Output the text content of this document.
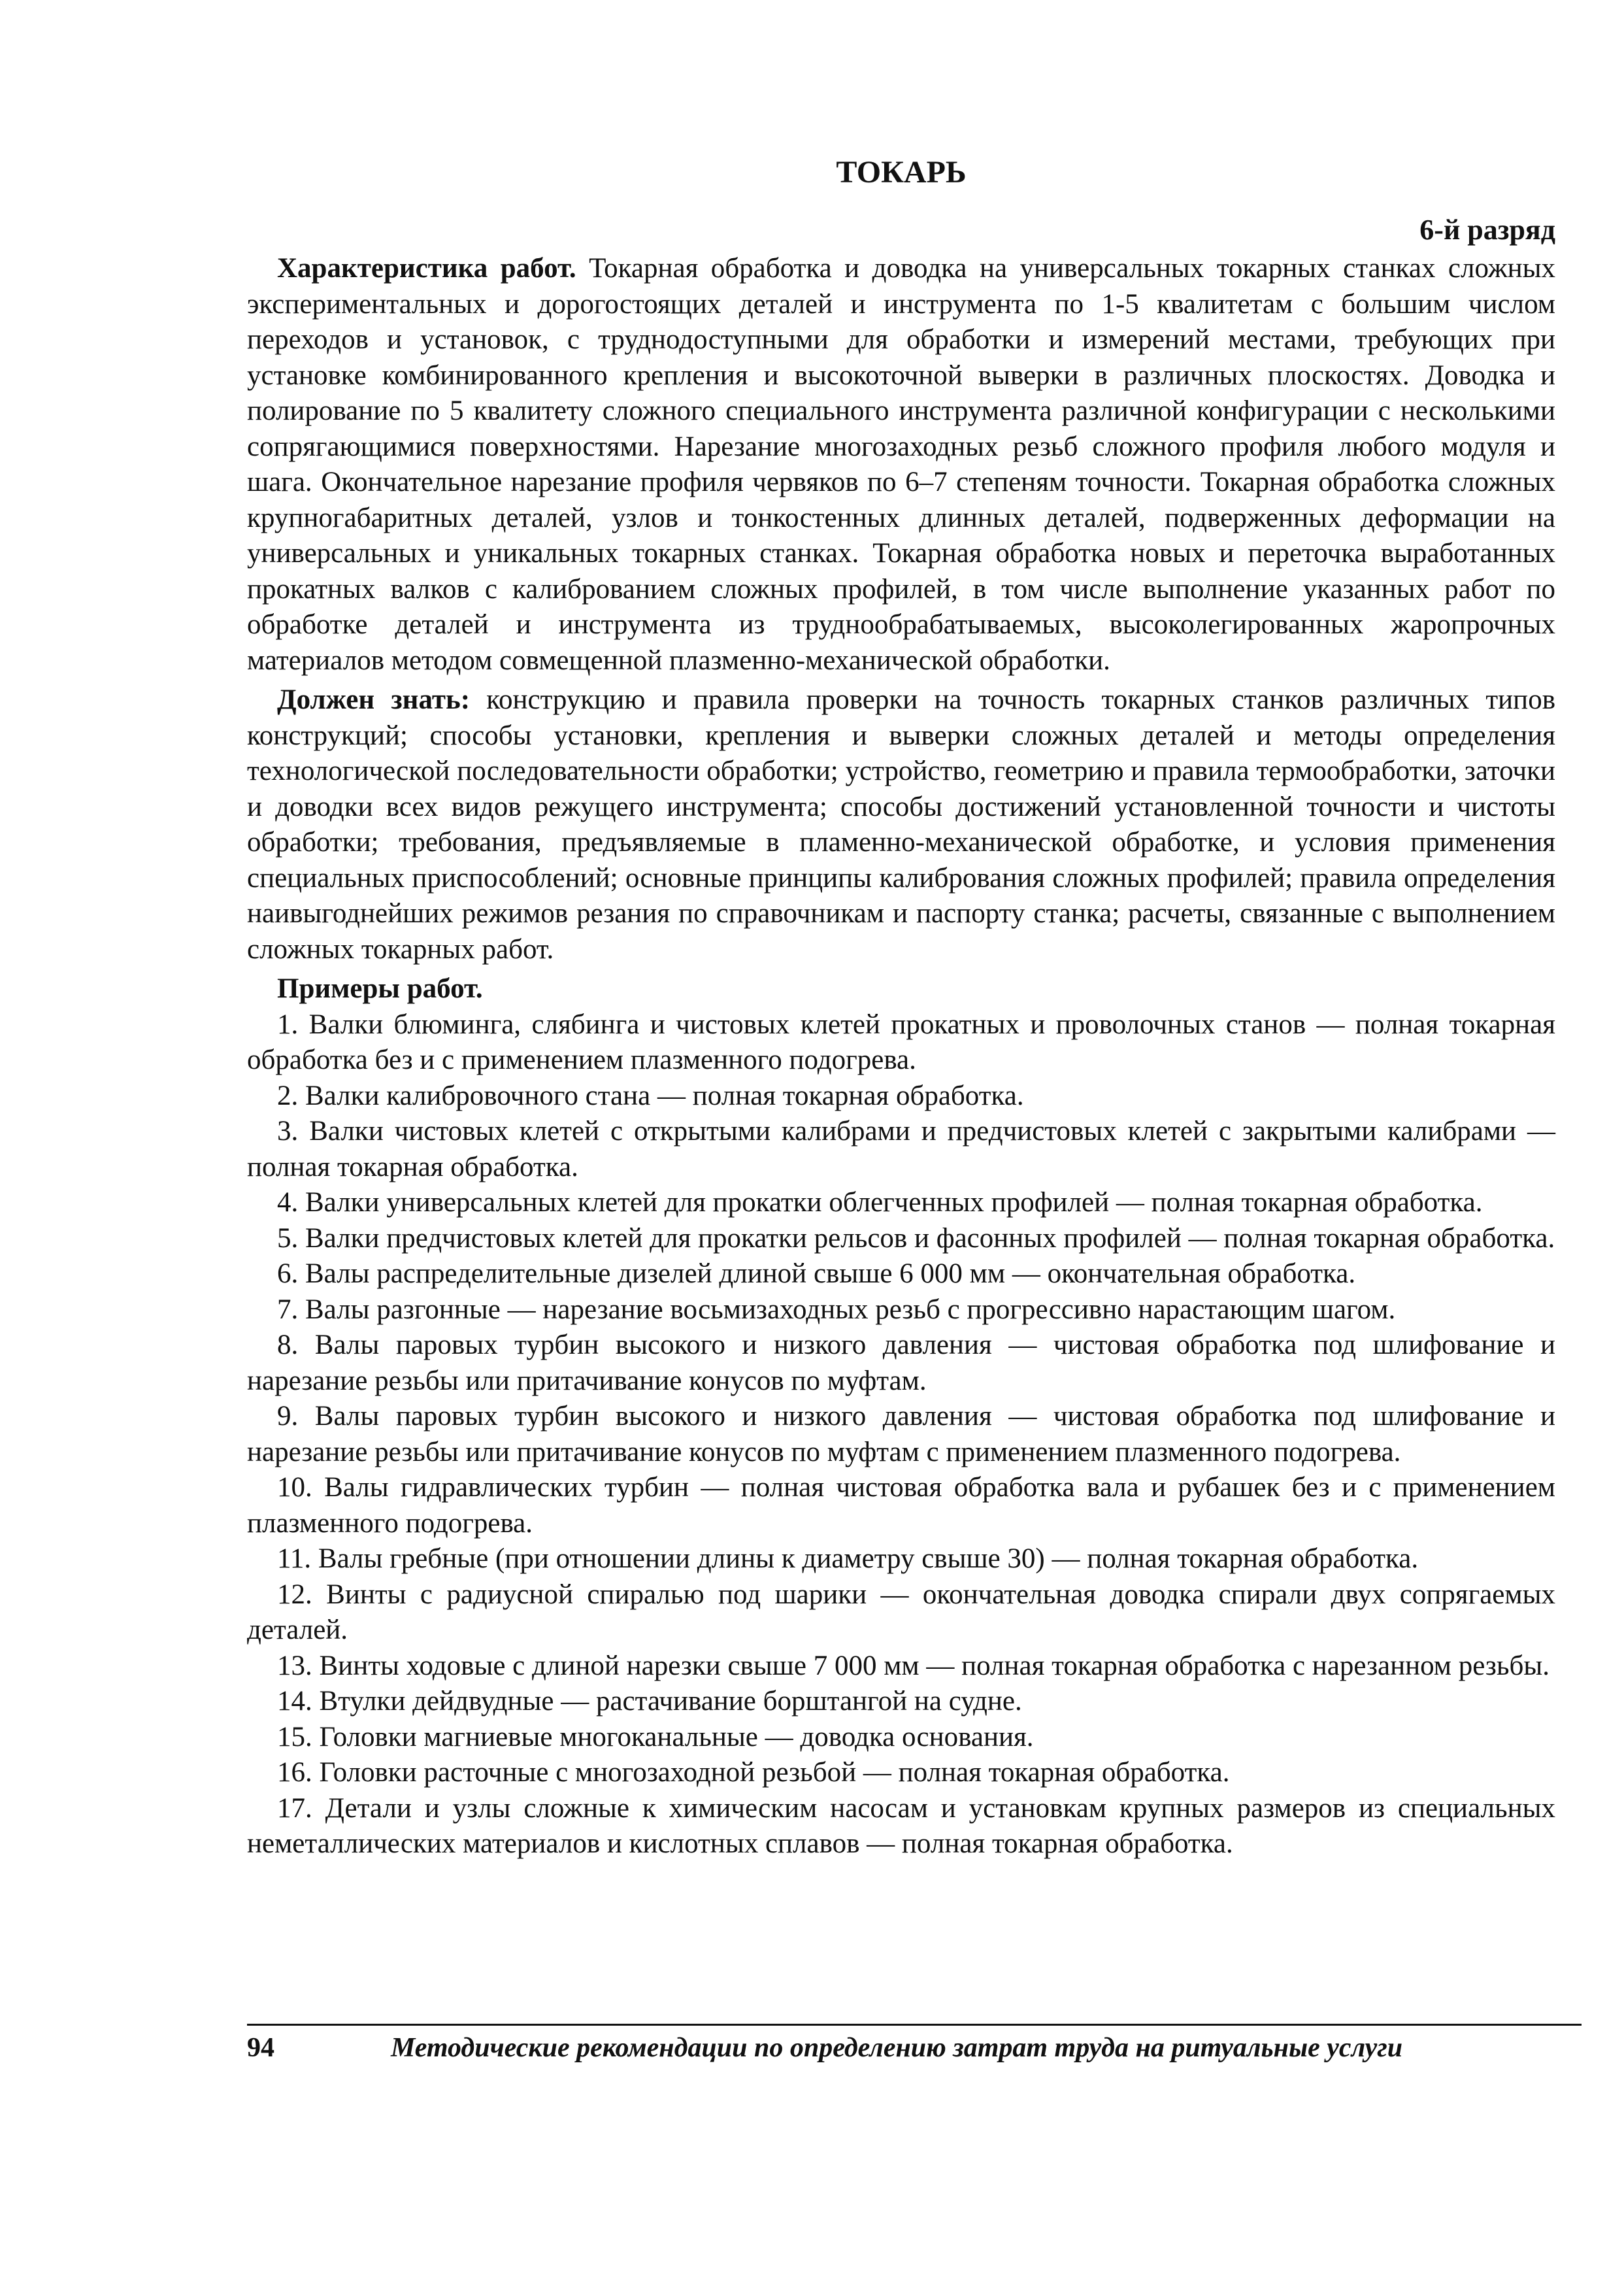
ТОКАРЬ
6-й разряд

Характеристика работ. Токарная обработка и доводка на универсальных токарных станках сложных экспериментальных и дорогостоящих деталей и инструмента по 1-5 квалитетам с большим числом переходов и установок, с труднодоступными для обработки и измерений местами, требующих при установке комбинированного крепления и высокоточной выверки в различных плоскостях. Доводка и полирование по 5 квалитету сложного специального инструмента различной конфигурации с несколькими сопрягающимися поверхностями. Нарезание многозаходных резьб сложного профиля любого модуля и шага. Окончательное нарезание профиля червяков по 6–7 степеням точности. Токарная обработка сложных крупногабаритных деталей, узлов и тонкостенных длинных деталей, подверженных деформации на универсальных и уникальных токарных станках. Токарная обработка новых и переточка выработанных прокатных валков с калиброванием сложных профилей, в том числе выполнение указанных работ по обработке деталей и инструмента из труднообрабатываемых, высоколегированных жаропрочных материалов методом совмещенной плазменно-механической обработки.

Должен знать: конструкцию и правила проверки на точность токарных станков различных типов конструкций; способы установки, крепления и выверки сложных деталей и методы определения технологической последовательности обработки; устройство, геометрию и правила термообработки, заточки и доводки всех видов режущего инструмента; способы достижений установленной точности и чистоты обработки; требования, предъявляемые в пламенно-механической обработке, и условия применения специальных приспособлений; основные принципы калибрования сложных профилей; правила определения наивыгоднейших режимов резания по справочникам и паспорту станка; расчеты, связанные с выполнением сложных токарных работ.

Примеры работ.
1. Валки блюминга, слябинга и чистовых клетей прокатных и проволочных станов — полная токарная обработка без и с применением плазменного подогрева.
2. Валки калибровочного стана — полная токарная обработка.
3. Валки чистовых клетей с открытыми калибрами и предчистовых клетей с закрытыми калибрами — полная токарная обработка.
4. Валки универсальных клетей для прокатки облегченных профилей — полная токарная обработка.
5. Валки предчистовых клетей для прокатки рельсов и фасонных профилей — полная токарная обработка.
6. Валы распределительные дизелей длиной свыше 6 000 мм — окончательная обработка.
7. Валы разгонные — нарезание восьмизаходных резьб с прогрессивно нарастающим шагом.
8. Валы паровых турбин высокого и низкого давления — чистовая обработка под шлифование и нарезание резьбы или притачивание конусов по муфтам.
9. Валы паровых турбин высокого и низкого давления — чистовая обработка под шлифование и нарезание резьбы или притачивание конусов по муфтам с применением плазменного подогрева.
10. Валы гидравлических турбин — полная чистовая обработка вала и рубашек без и с применением плазменного подогрева.
11. Валы гребные (при отношении длины к диаметру свыше 30) — полная токарная обработка.
12. Винты с радиусной спиралью под шарики — окончательная доводка спирали двух сопрягаемых деталей.
13. Винты ходовые с длиной нарезки свыше 7 000 мм — полная токарная обработка с нарезанном резьбы.
14. Втулки дейдвудные — растачивание борштангой на судне.
15. Головки магниевые многоканальные — доводка основания.
16. Головки расточные с многозаходной резьбой — полная токарная обработка.
17. Детали и узлы сложные к химическим насосам и установкам крупных размеров из специальных неметаллических материалов и кислотных сплавов — полная токарная обработка.
94	Методические рекомендации по определению затрат труда на ритуальные услуги
